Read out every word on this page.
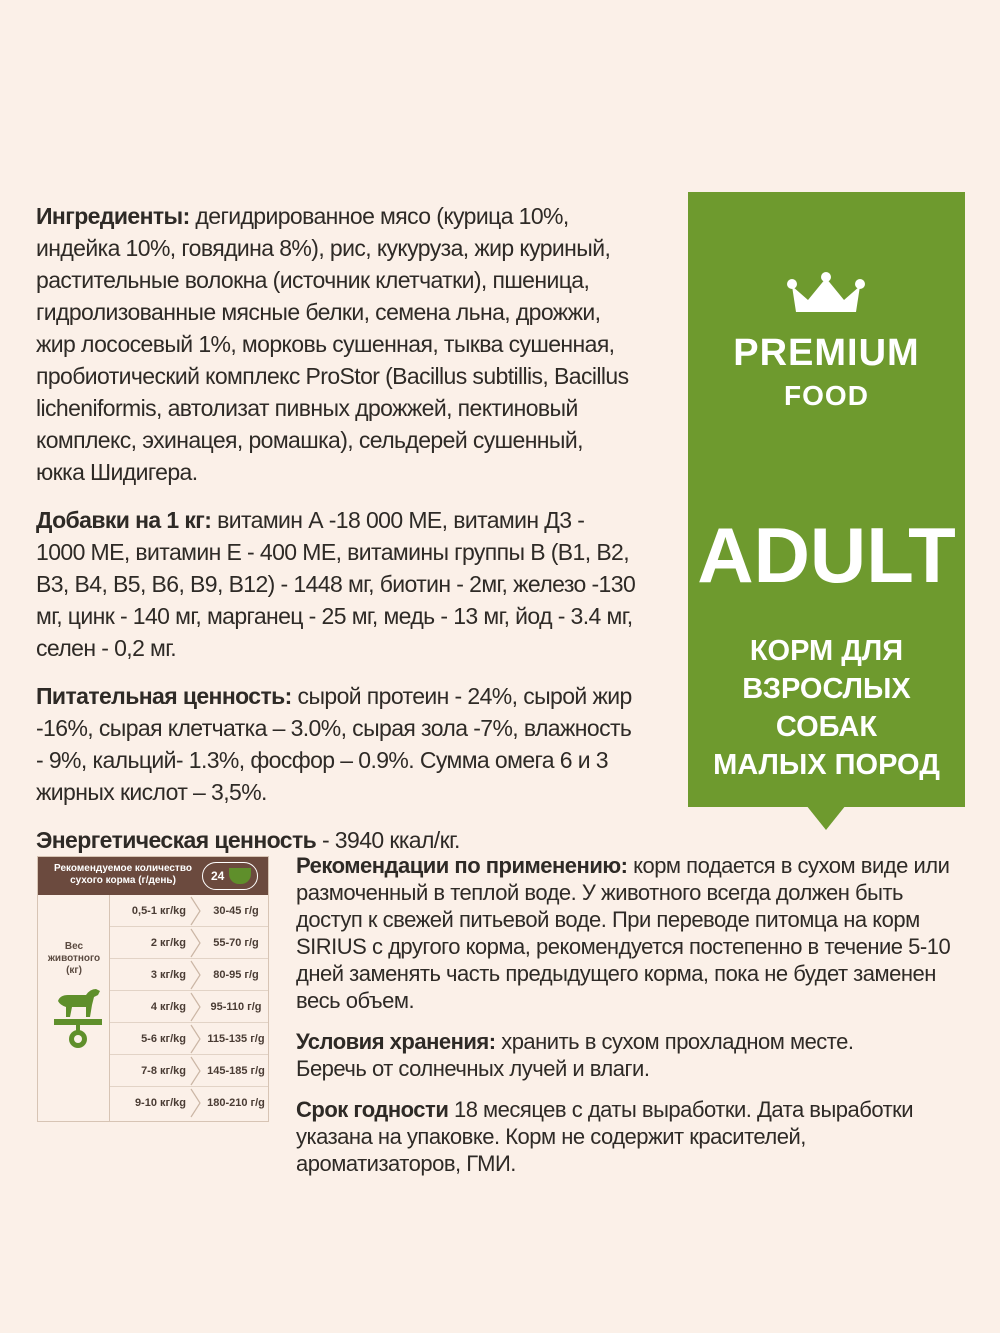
Ингредиенты: дегидрированное мясо (курица 10%, индейка 10%, говядина 8%), рис, кукуруза, жир куриный, растительные волокна (источник клетчатки), пшеница, гидролизованные мясные белки, семена льна, дрожжи, жир лососевый 1%, морковь сушенная, тыква сушенная, пробиотический комплекс ProStor (Bacillus subtillis, Bacillus licheniformis, автолизат пивных дрожжей, пектиновый комплекс, эхинацея, ромашка), сельдерей сушенный, юкка Шидигера.

Добавки на 1 кг: витамин А -18 000 МЕ, витамин Д3 - 1000 МЕ, витамин Е - 400 МЕ, витамины группы В (В1, В2, В3, В4, В5, В6, В9, В12) - 1448 мг, биотин - 2мг, железо -130 мг, цинк - 140 мг, марганец - 25 мг, медь - 13 мг, йод - 3.4 мг, селен - 0,2 мг.

Питательная ценность: сырой протеин - 24%, сырой жир -16%, сырая клетчатка – 3.0%, сырая зола -7%, влажность - 9%, кальций- 1.3%, фосфор – 0.9%. Сумма омега 6 и 3 жирных кислот – 3,5%.

Энергетическая ценность - 3940 ккал/кг.

PREMIUM
FOOD
ADULT
КОРМ ДЛЯ
ВЗРОСЛЫХ СОБАК
МАЛЫХ ПОРОД
Рекомендуемое количество
сухого корма (г/день)	24
Вес
животного
(кг)
0,5-1 кг/kg	30-45 г/g
2 кг/kg	55-70 г/g
3 кг/kg	80-95 г/g
4 кг/kg	95-110 г/g
5-6 кг/kg	115-135 г/g
7-8 кг/kg 145-185 г/g
9-10 кг/kg 180-210 г/g

Рекомендации по применению: корм подается в сухом виде или размоченный в теплой воде. У животного всегда должен быть доступ к свежей питьевой воде. При переводе питомца на корм SIRIUS с другого корма, рекомендуется постепенно в течение 5-10 дней заменять часть предыдущего корма, пока не будет заменен весь объем.

Условия хранения: хранить в сухом прохладном месте.
Беречь от солнечных лучей и влаги.

Срок годности 18 месяцев с даты выработки. Дата выработки указана на упаковке. Корм не содержит красителей, ароматизаторов, ГМИ.
